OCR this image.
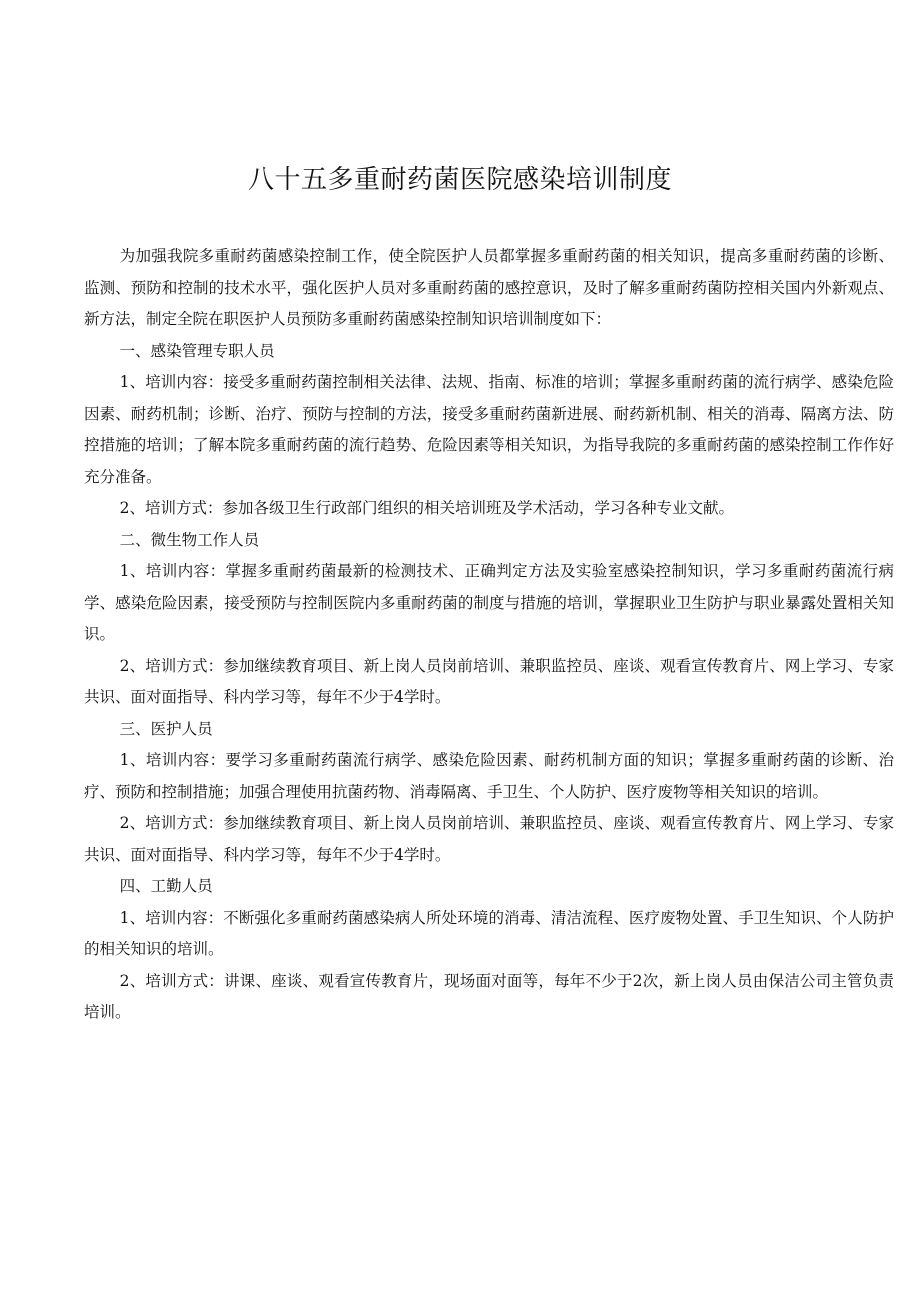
八十五多重耐药菌医院感染培训制度

为加强我院多重耐药菌感染控制工作，使全院医护人员都掌握多重耐药菌的相关知识，提高多重耐药菌的诊断、监测、预防和控制的技术水平，强化医护人员对多重耐药菌的感控意识，及时了解多重耐药菌防控相关国内外新观点、新方法，制定全院在职医护人员预防多重耐药菌感染控制知识培训制度如下：

一、感染管理专职人员

1、培训内容：接受多重耐药菌控制相关法律、法规、指南、标准的培训；掌握多重耐药菌的流行病学、感染危险因素、耐药机制；诊断、治疗、预防与控制的方法，接受多重耐药菌新进展、耐药新机制、相关的消毒、隔离方法、防控措施的培训；了解本院多重耐药菌的流行趋势、危险因素等相关知识，为指导我院的多重耐药菌的感染控制工作作好充分准备。

2、培训方式：参加各级卫生行政部门组织的相关培训班及学术活动，学习各种专业文献。

二、微生物工作人员

1、培训内容：掌握多重耐药菌最新的检测技术、正确判定方法及实验室感染控制知识，学习多重耐药菌流行病学、感染危险因素，接受预防与控制医院内多重耐药菌的制度与措施的培训，掌握职业卫生防护与职业暴露处置相关知识。

2、培训方式：参加继续教育项目、新上岗人员岗前培训、兼职监控员、座谈、观看宣传教育片、网上学习、专家共识、面对面指导、科内学习等，每年不少于4学时。

三、医护人员

1、培训内容：要学习多重耐药菌流行病学、感染危险因素、耐药机制方面的知识；掌握多重耐药菌的诊断、治疗、预防和控制措施；加强合理使用抗菌药物、消毒隔离、手卫生、个人防护、医疗废物等相关知识的培训。

2、培训方式：参加继续教育项目、新上岗人员岗前培训、兼职监控员、座谈、观看宣传教育片、网上学习、专家共识、面对面指导、科内学习等，每年不少于4学时。

四、工勤人员

1、培训内容：不断强化多重耐药菌感染病人所处环境的消毒、清洁流程、医疗废物处置、手卫生知识、个人防护的相关知识的培训。

2、培训方式：讲课、座谈、观看宣传教育片，现场面对面等，每年不少于2次，新上岗人员由保洁公司主管负责培训。
